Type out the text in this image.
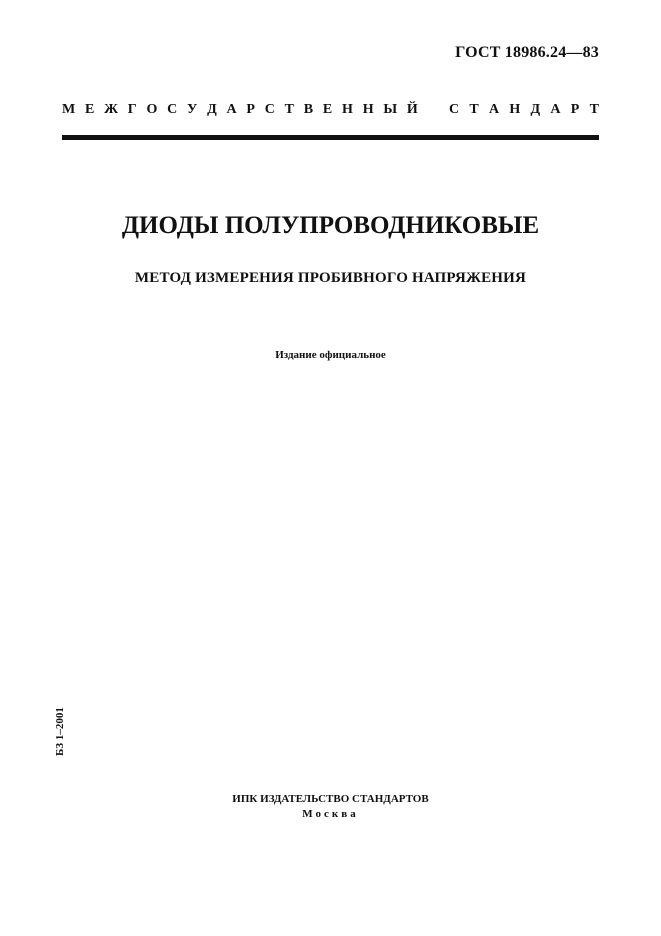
ГОСТ 18986.24—83
М Е Ж Г О С У Д А Р С Т В Е Н Н Ы Й С Т А Н Д А Р Т
ДИОДЫ ПОЛУПРОВОДНИКОВЫЕ
МЕТОД ИЗМЕРЕНИЯ ПРОБИВНОГО НАПРЯЖЕНИЯ
Издание официальное
БЗ 1–2001
ИПК ИЗДАТЕЛЬСТВО СТАНДАРТОВ
Москва
